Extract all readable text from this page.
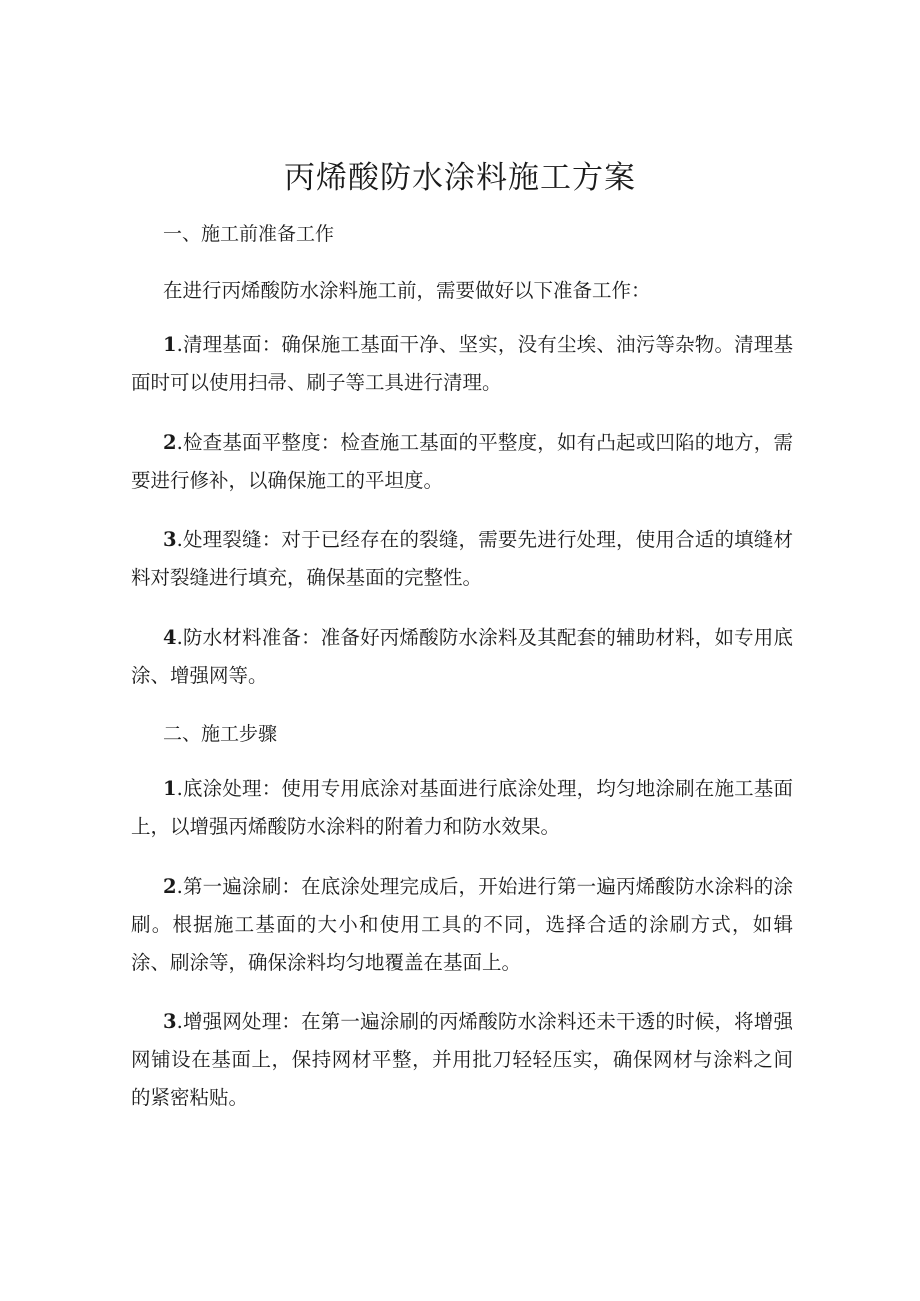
丙烯酸防水涂料施工方案
一、施工前准备工作

在进行丙烯酸防水涂料施工前，需要做好以下准备工作：

1.清理基面：确保施工基面干净、坚实，没有尘埃、油污等杂物。清理基面时可以使用扫帚、刷子等工具进行清理。

2.检查基面平整度：检查施工基面的平整度，如有凸起或凹陷的地方，需要进行修补，以确保施工的平坦度。

3.处理裂缝：对于已经存在的裂缝，需要先进行处理，使用合适的填缝材料对裂缝进行填充，确保基面的完整性。

4.防水材料准备：准备好丙烯酸防水涂料及其配套的辅助材料，如专用底涂、增强网等。

二、施工步骤

1.底涂处理：使用专用底涂对基面进行底涂处理，均匀地涂刷在施工基面上，以增强丙烯酸防水涂料的附着力和防水效果。

2.第一遍涂刷：在底涂处理完成后，开始进行第一遍丙烯酸防水涂料的涂刷。根据施工基面的大小和使用工具的不同，选择合适的涂刷方式，如辑涂、刷涂等，确保涂料均匀地覆盖在基面上。

3.增强网处理：在第一遍涂刷的丙烯酸防水涂料还未干透的时候，将增强网铺设在基面上，保持网材平整，并用批刀轻轻压实，确保网材与涂料之间的紧密粘贴。
